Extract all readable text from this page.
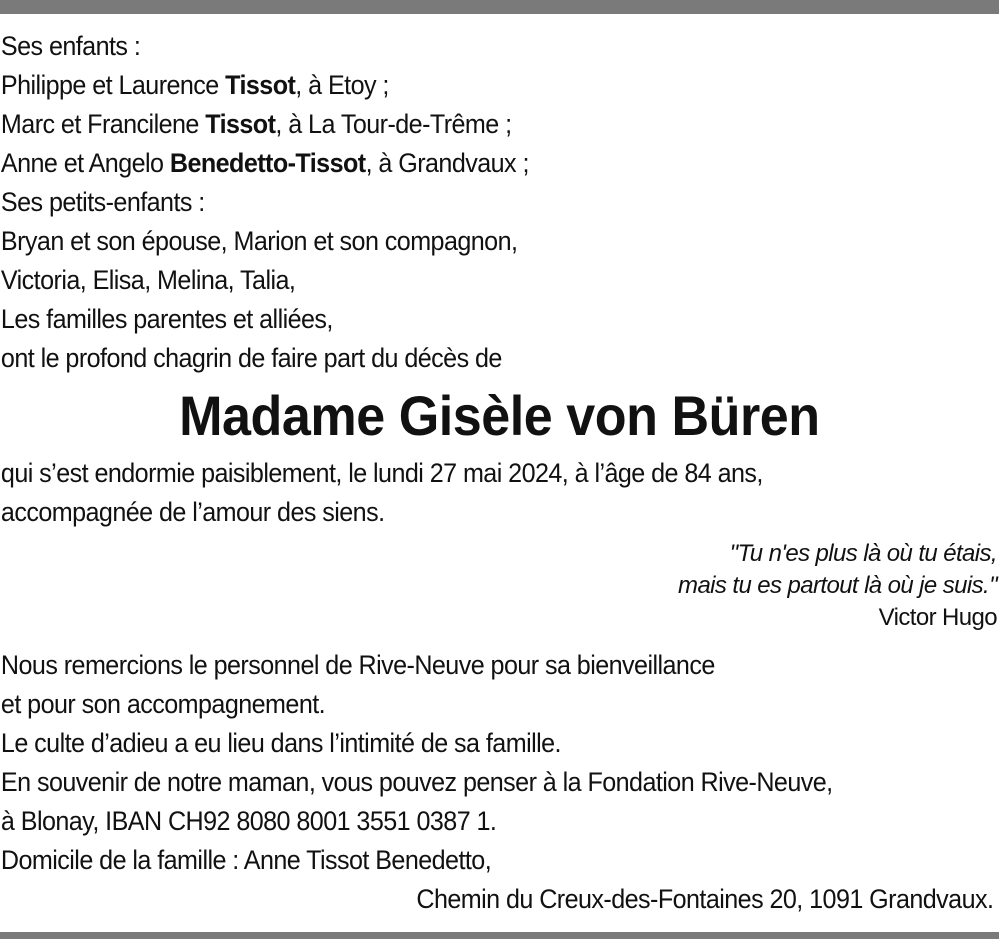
Ses enfants :
Philippe et Laurence Tissot, à Etoy ;
Marc et Francilene Tissot, à La Tour-de-Trême ;
Anne et Angelo Benedetto-Tissot, à Grandvaux ;
Ses petits-enfants :
Bryan et son épouse, Marion et son compagnon,
Victoria, Elisa, Melina, Talia,
Les familles parentes et alliées,
ont le profond chagrin de faire part du décès de
Madame Gisèle von Büren
qui s’est endormie paisiblement, le lundi 27 mai 2024, à l’âge de 84 ans,
accompagnée de l’amour des siens.
"Tu n'es plus là où tu étais,
mais tu es partout là où je suis."
Victor Hugo
Nous remercions le personnel de Rive-Neuve pour sa bienveillance
et pour son accompagnement.
Le culte d’adieu a eu lieu dans l’intimité de sa famille.
En souvenir de notre maman, vous pouvez penser à la Fondation Rive-Neuve,
à Blonay, IBAN CH92 8080 8001 3551 0387 1.
Domicile de la famille : Anne Tissot Benedetto,
Chemin du Creux-des-Fontaines 20, 1091 Grandvaux.
